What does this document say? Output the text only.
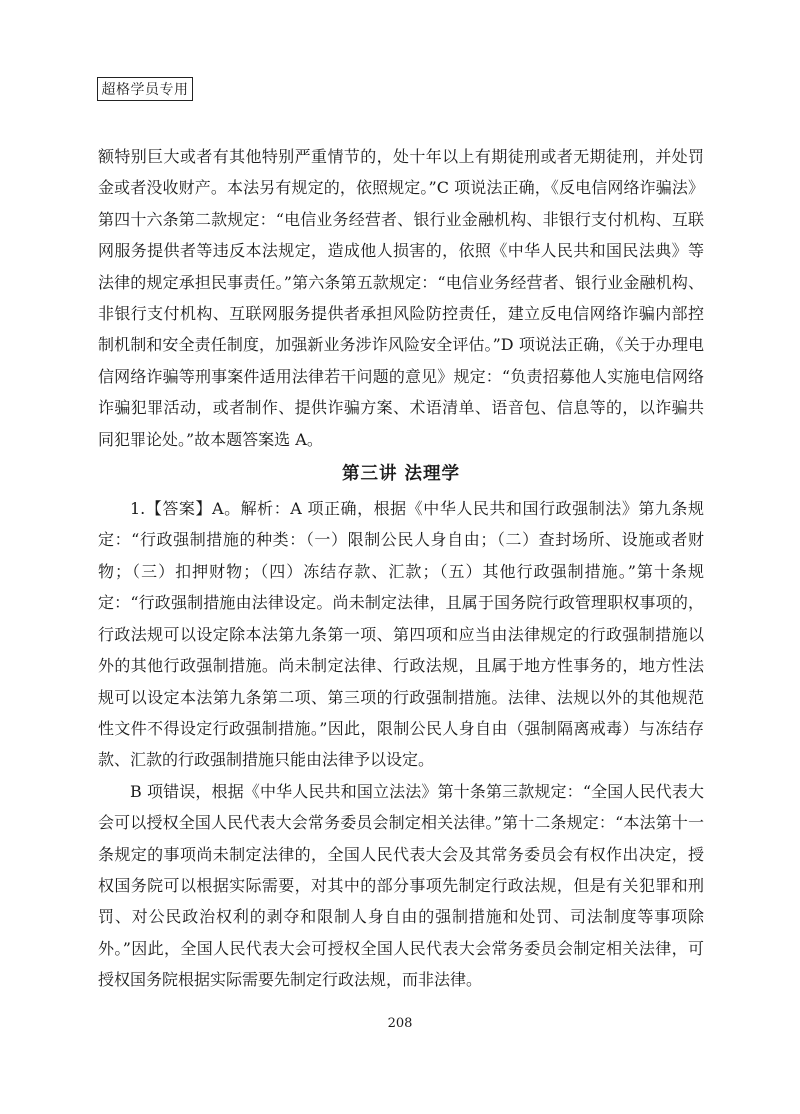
超格学员专用

额特别巨大或者有其他特别严重情节的，处十年以上有期徒刑或者无期徒刑，并处罚金或者没收财产。本法另有规定的，依照规定。”C 项说法正确，《反电信网络诈骗法》第四十六条第二款规定：“电信业务经营者、银行业金融机构、非银行支付机构、互联网服务提供者等违反本法规定，造成他人损害的，依照《中华人民共和国民法典》等法律的规定承担民事责任。”第六条第五款规定：“电信业务经营者、银行业金融机构、非银行支付机构、互联网服务提供者承担风险防控责任，建立反电信网络诈骗内部控制机制和安全责任制度，加强新业务涉诈风险安全评估。”D 项说法正确，《关于办理电信网络诈骗等刑事案件适用法律若干问题的意见》规定：“负责招募他人实施电信网络诈骗犯罪活动，或者制作、提供诈骗方案、术语清单、语音包、信息等的，以诈骗共同犯罪论处。”故本题答案选 A。

第三讲 法理学

1.【答案】A。解析：A 项正确，根据《中华人民共和国行政强制法》第九条规定：“行政强制措施的种类：（一）限制公民人身自由；（二）查封场所、设施或者财物；（三）扣押财物；（四）冻结存款、汇款；（五）其他行政强制措施。”第十条规定：“行政强制措施由法律设定。尚未制定法律，且属于国务院行政管理职权事项的，行政法规可以设定除本法第九条第一项、第四项和应当由法律规定的行政强制措施以外的其他行政强制措施。尚未制定法律、行政法规，且属于地方性事务的，地方性法规可以设定本法第九条第二项、第三项的行政强制措施。法律、法规以外的其他规范性文件不得设定行政强制措施。”因此，限制公民人身自由（强制隔离戒毒）与冻结存款、汇款的行政强制措施只能由法律予以设定。

B 项错误，根据《中华人民共和国立法法》第十条第三款规定：“全国人民代表大会可以授权全国人民代表大会常务委员会制定相关法律。”第十二条规定：“本法第十一条规定的事项尚未制定法律的，全国人民代表大会及其常务委员会有权作出决定，授权国务院可以根据实际需要，对其中的部分事项先制定行政法规，但是有关犯罪和刑罚、对公民政治权利的剥夺和限制人身自由的强制措施和处罚、司法制度等事项除外。”因此，全国人民代表大会可授权全国人民代表大会常务委员会制定相关法律，可授权国务院根据实际需要先制定行政法规，而非法律。

208
